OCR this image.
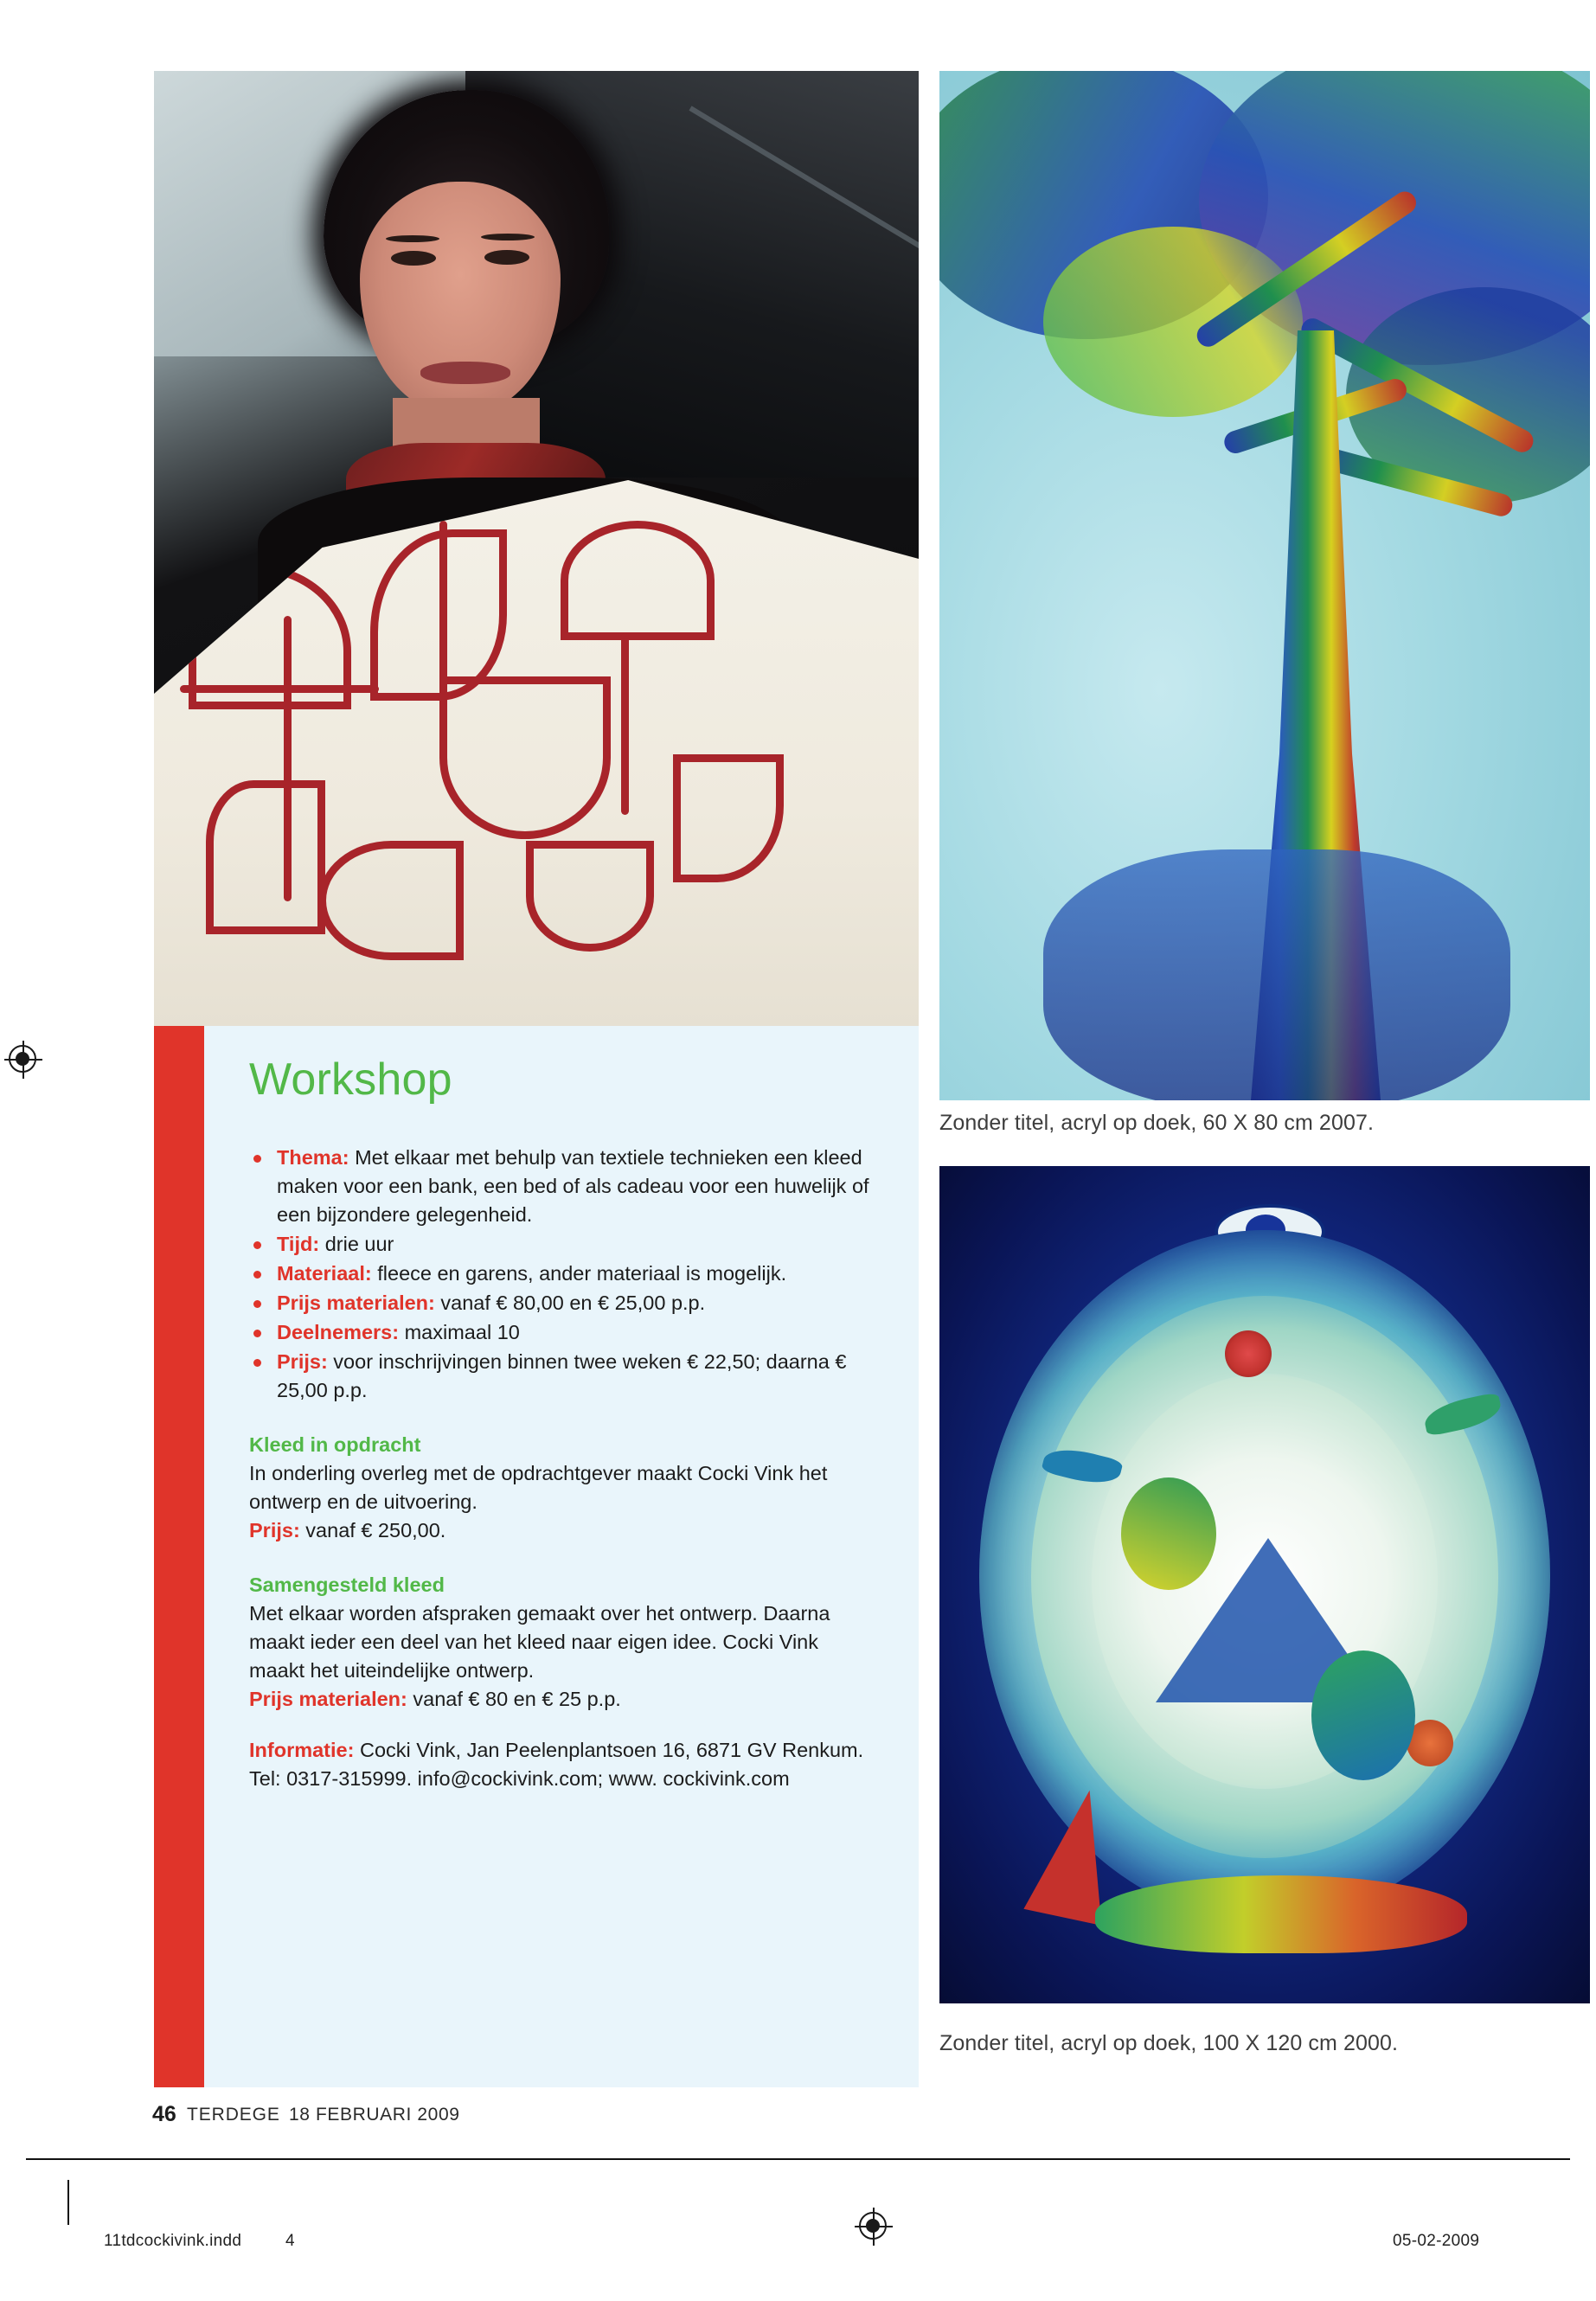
Zonder titel, acryl op doek, 60 X 80 cm 2007.
Zonder titel, acryl op doek, 100 X 120 cm 2000.
Workshop
Thema: Met elkaar met behulp van textiele technieken een kleed maken voor een bank, een bed of als cadeau voor een huwelijk of een bijzondere gelegenheid.
Tijd: drie uur
Materiaal: fleece en garens, ander materiaal is mogelijk.
Prijs materialen: vanaf € 80,00 en € 25,00 p.p.
Deelnemers: maximaal 10
Prijs: voor inschrijvingen binnen twee weken € 22,50; daarna € 25,00 p.p.
Kleed in opdracht

In onderling overleg met de opdrachtgever maakt Cocki Vink het ontwerp en de uitvoering.

Prijs: vanaf € 250,00.

Samengesteld kleed

Met elkaar worden afspraken gemaakt over het ontwerp. Daarna maakt ieder een deel van het kleed naar eigen idee. Cocki Vink maakt het uiteindelijke ontwerp.

Prijs materialen: vanaf € 80 en € 25 p.p.

Informatie: Cocki Vink, Jan Peelenplantsoen 16, 6871 GV Renkum. Tel: 0317-315999. info@cockivink.com; www. cockivink.com

46 TERDEGE 18 FEBRUARI 2009
11tdcockivink.indd	4	05-02-2009
